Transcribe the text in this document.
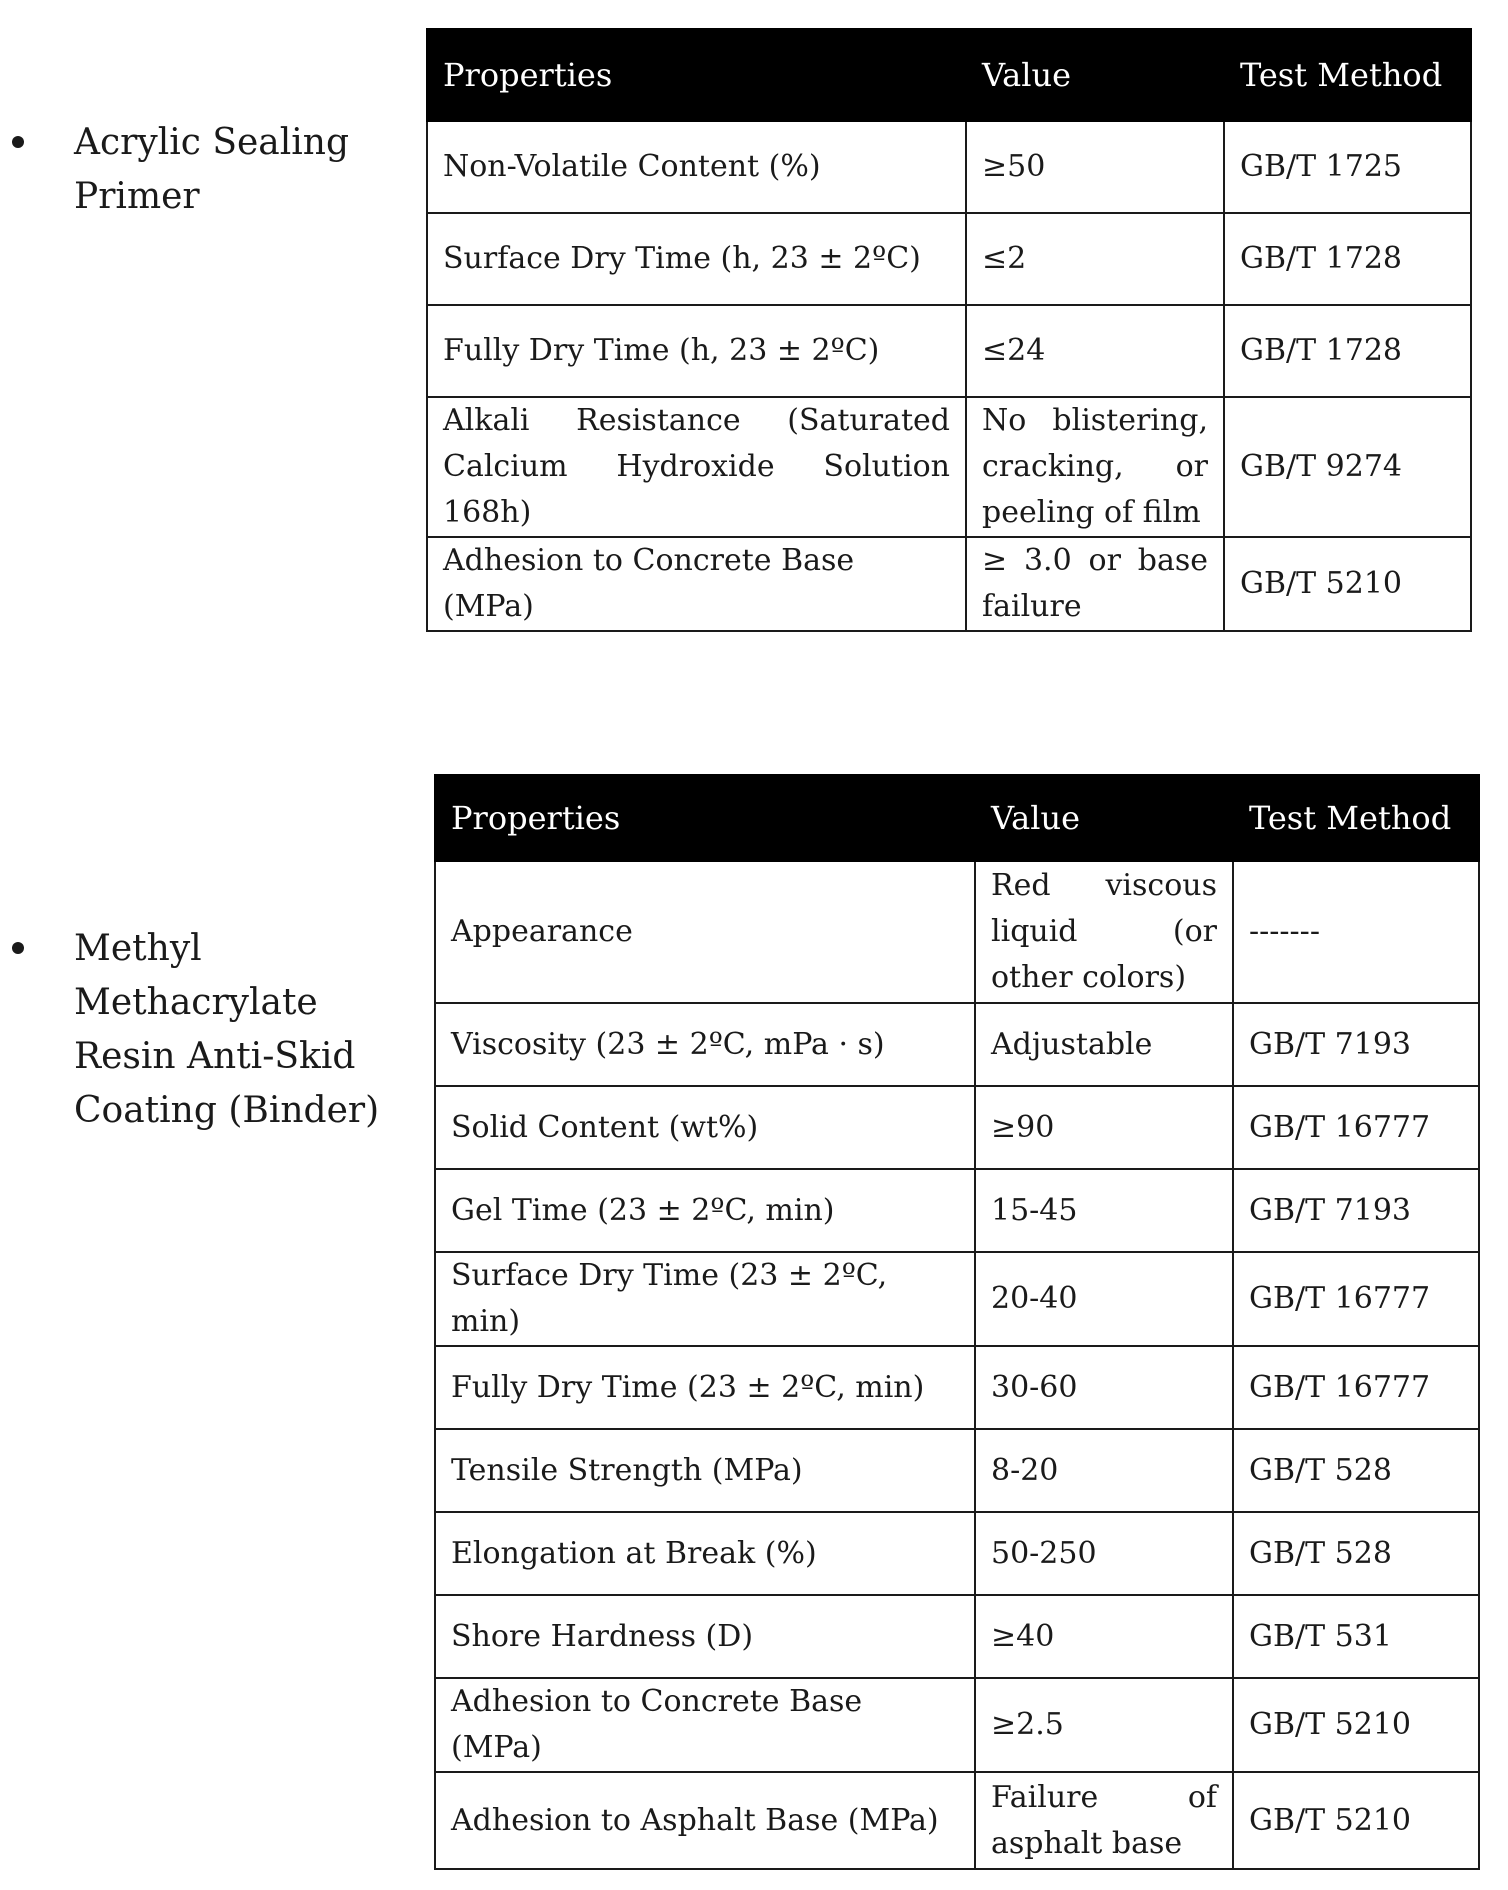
Acrylic Sealing Primer
Properties	Value	Test Method
Non-Volatile Content (%)	≥50	GB/T 1725
Surface Dry Time (h, 23 ± 2ºC)	≤2	GB/T 1728
Fully Dry Time (h, 23 ± 2ºC)	≤24	GB/T 1728
Alkali Resistance (Saturated Calcium Hydroxide Solution 168h)	No blistering, cracking, or peeling of film	GB/T 9274
Adhesion to Concrete Base (MPa)	≥ 3.0 or base failure	GB/T 5210
Methyl Methacrylate Resin Anti-Skid Coating (Binder)
Properties	Value	Test Method
Appearance	Red viscous liquid (or other colors)	-------
Viscosity (23 ± 2ºC, mPa · s)	Adjustable	GB/T 7193
Solid Content (wt%)	≥90	GB/T 16777
Gel Time (23 ± 2ºC, min)	15-45	GB/T 7193
Surface Dry Time (23 ± 2ºC, min)	20-40	GB/T 16777
Fully Dry Time (23 ± 2ºC, min)	30-60	GB/T 16777
Tensile Strength (MPa)	8-20	GB/T 528
Elongation at Break (%)	50-250	GB/T 528
Shore Hardness (D)	≥40	GB/T 531
Adhesion to Concrete Base (MPa)	≥2.5	GB/T 5210
Adhesion to Asphalt Base (MPa)	Failure of asphalt base	GB/T 5210
